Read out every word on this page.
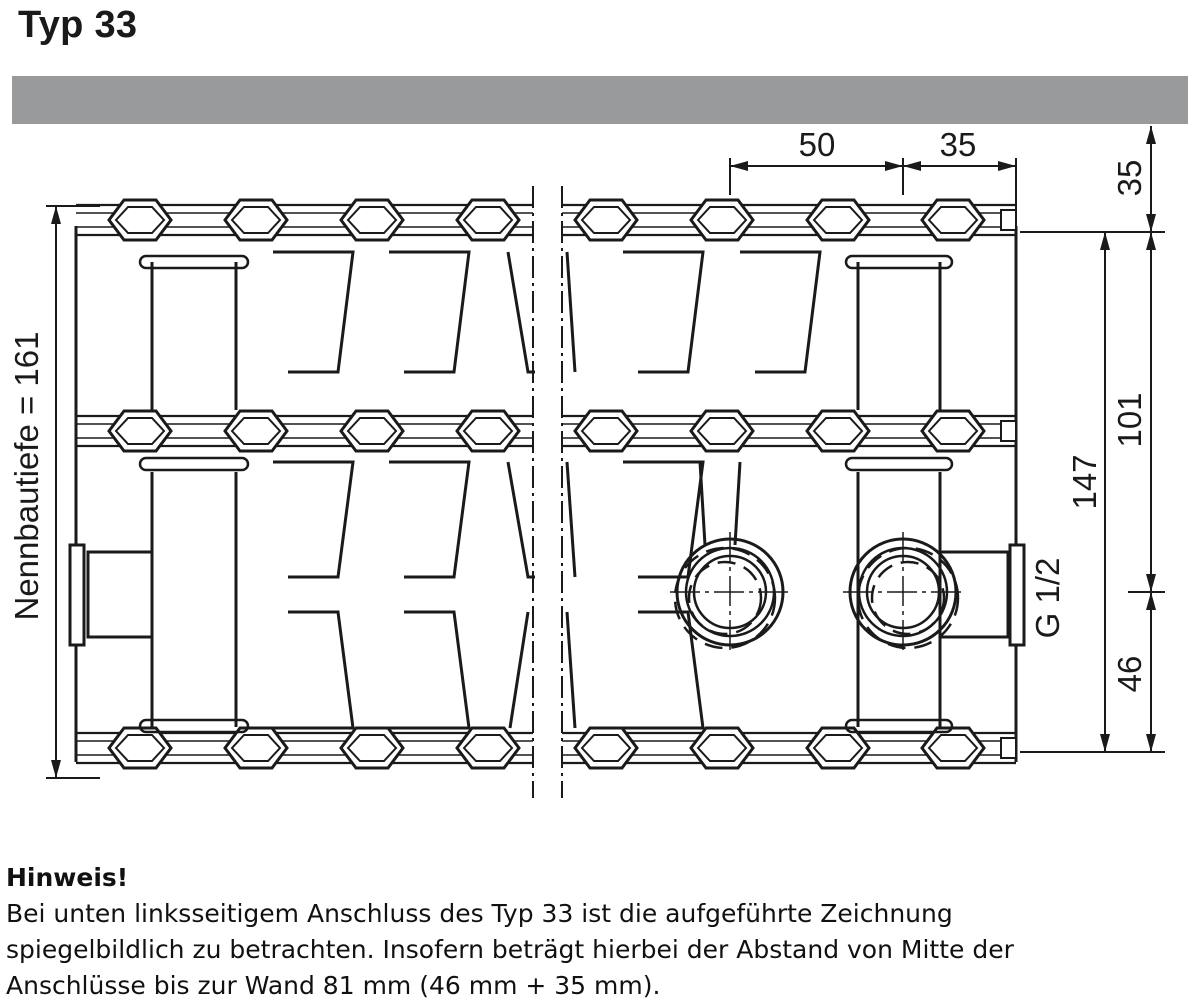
Typ 33
50	35
35
Nennbautiefe = 161	101
147
46
G 1/2
Hinweis!
Bei unten linksseitigem Anschluss des Typ 33 ist die aufgeführte Zeichnung
spiegelbildlich zu betrachten. Insofern beträgt hierbei der Abstand von Mitte der
Anschlüsse bis zur Wand 81 mm (46 mm + 35 mm).
